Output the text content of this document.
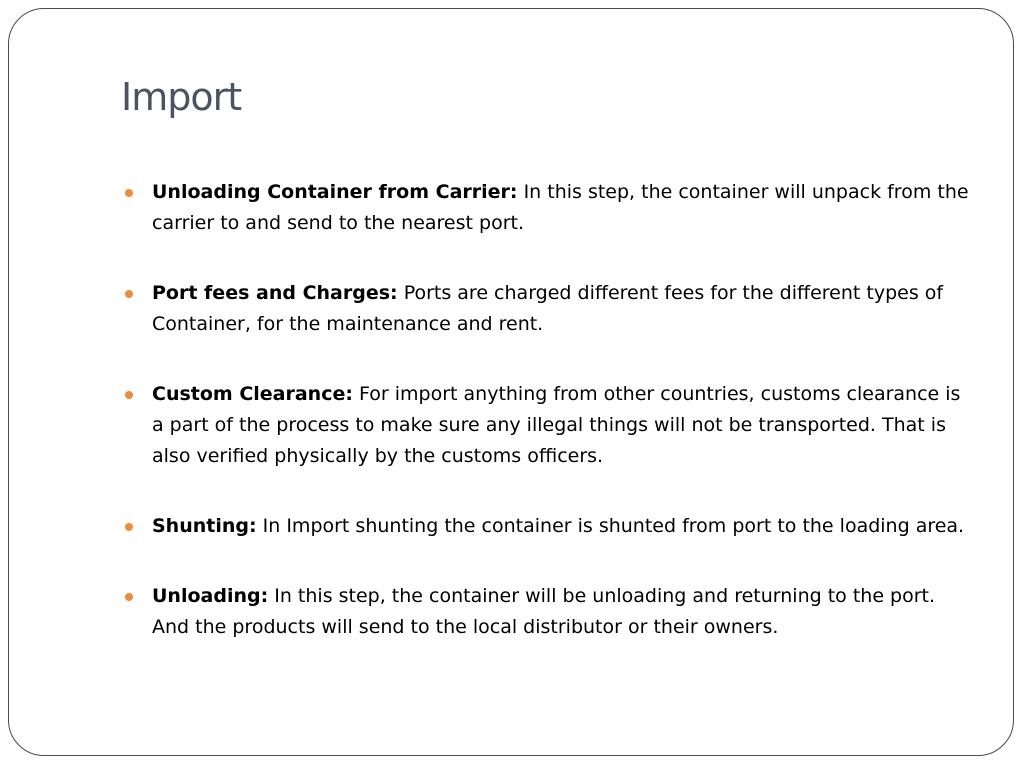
Import
Unloading Container from Carrier: In this step, the container will unpack from the carrier to and send to the nearest port.
Port fees and Charges: Ports are charged different fees for the different types of Container, for the maintenance and rent.
Custom Clearance: For import anything from other countries, customs clearance is a part of the process to make sure any illegal things will not be transported. That is also verified physically by the customs officers.
Shunting: In Import shunting the container is shunted from port to the loading area.
Unloading: In this step, the container will be unloading and returning to the port. And the products will send to the local distributor or their owners.
